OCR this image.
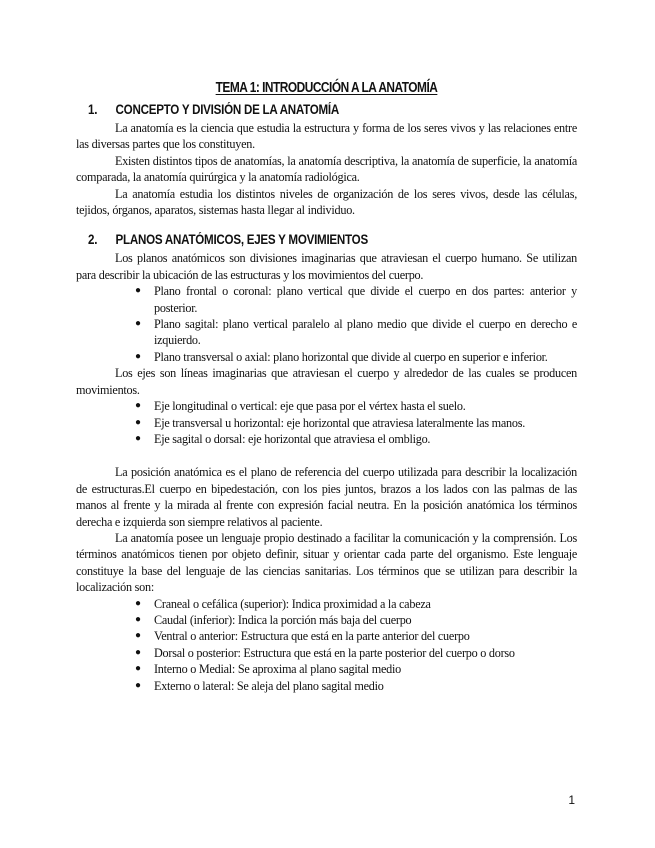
TEMA 1: INTRODUCCIÓN A LA ANATOMÍA
1.	CONCEPTO Y DIVISIÓN DE LA ANATOMÍA

La anatomía es la ciencia que estudia la estructura y forma de los seres vivos y las relaciones entre las diversas partes que los constituyen.

Existen distintos tipos de anatomías, la anatomía descriptiva, la anatomía de superficie, la anatomía comparada, la anatomía quirúrgica y la anatomía radiológica.

La anatomía estudia los distintos niveles de organización de los seres vivos, desde las células, tejidos, órganos, aparatos, sistemas hasta llegar al individuo.

2.	PLANOS ANATÓMICOS, EJES Y MOVIMIENTOS

Los planos anatómicos son divisiones imaginarias que atraviesan el cuerpo humano. Se utilizan para describir la ubicación de las estructuras y los movimientos del cuerpo.

● Plano frontal o coronal: plano vertical que divide el cuerpo en dos partes: anterior y posterior.
● Plano sagital: plano vertical paralelo al plano medio que divide el cuerpo en derecho e izquierdo.
● Plano transversal o axial: plano horizontal que divide al cuerpo en superior e inferior.

Los ejes son líneas imaginarias que atraviesan el cuerpo y alrededor de las cuales se producen movimientos.

● Eje longitudinal o vertical: eje que pasa por el vértex hasta el suelo.
● Eje transversal u horizontal: eje horizontal que atraviesa lateralmente las manos.
● Eje sagital o dorsal: eje horizontal que atraviesa el ombligo.

La posición anatómica es el plano de referencia del cuerpo utilizada para describir la localización de estructuras.El cuerpo en bipedestación, con los pies juntos, brazos a los lados con las palmas de las manos al frente y la mirada al frente con expresión facial neutra. En la posición anatómica los términos derecha e izquierda son siempre relativos al paciente.

La anatomía posee un lenguaje propio destinado a facilitar la comunicación y la comprensión. Los términos anatómicos tienen por objeto definir, situar y orientar cada parte del organismo. Este lenguaje constituye la base del lenguaje de las ciencias sanitarias. Los términos que se utilizan para describir la localización son:

● Craneal o cefálica (superior): Indica proximidad a la cabeza
● Caudal (inferior): Indica la porción más baja del cuerpo
● Ventral o anterior: Estructura que está en la parte anterior del cuerpo
● Dorsal o posterior: Estructura que está en la parte posterior del cuerpo o dorso
● Interno o Medial: Se aproxima al plano sagital medio
● Externo o lateral: Se aleja del plano sagital medio
1
